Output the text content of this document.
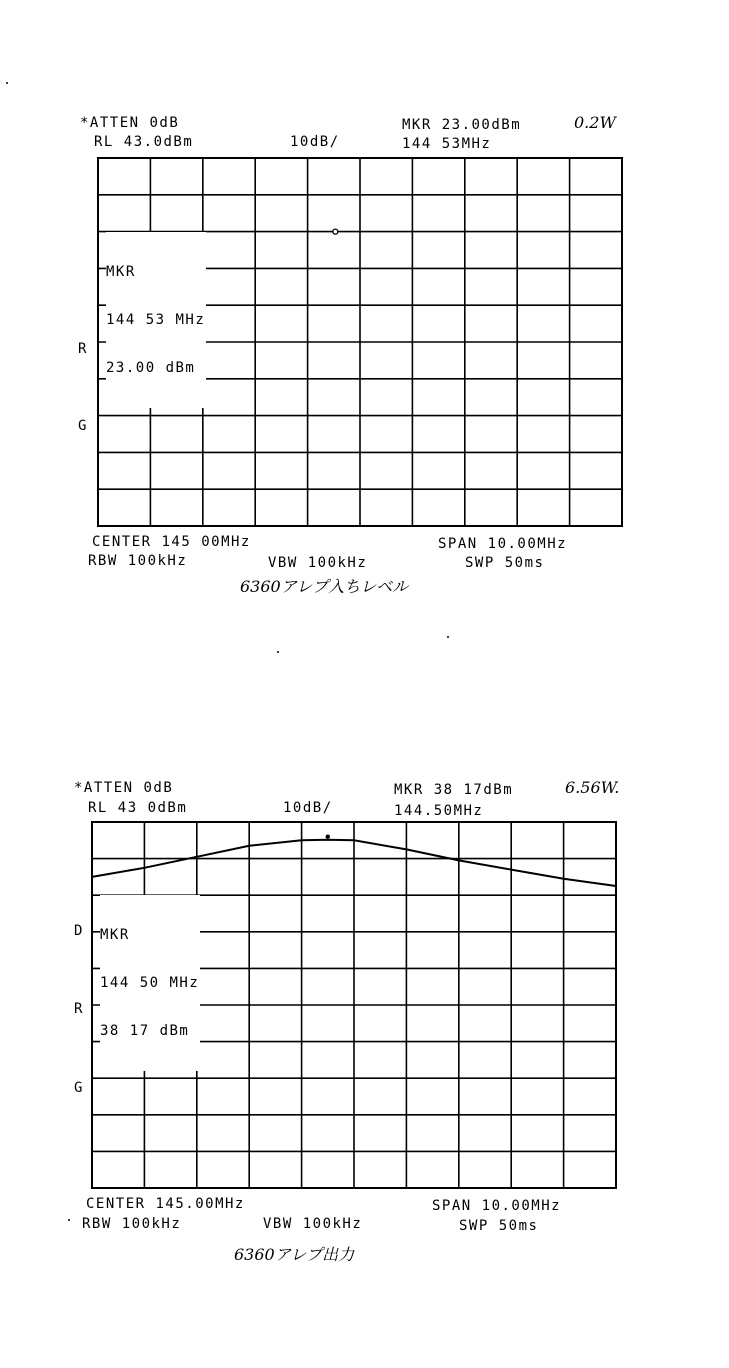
*ATTEN 0dB
RL 43.0dBm	10dB/
MKR 23.00dBm	0.2W
144 53MHz

MKR

144 53 MHz

23.00 dBm

R
G
CENTER 145 00MHz	SPAN 10.00MHz
RBW 100kHz	VBW 100kHz	SWP 50ms
6360アレプ入ちレベル
*ATTEN 0dB
RL 43 0dBm	10dB/
MKR 38 17dBm	6.56W.
144.50MHz

MKR

144 50 MHz

38 17 dBm

D
R
G
CENTER 145.00MHz	SPAN 10.00MHz
RBW 100kHz	VBW 100kHz	SWP 50ms
6360アレプ出力
